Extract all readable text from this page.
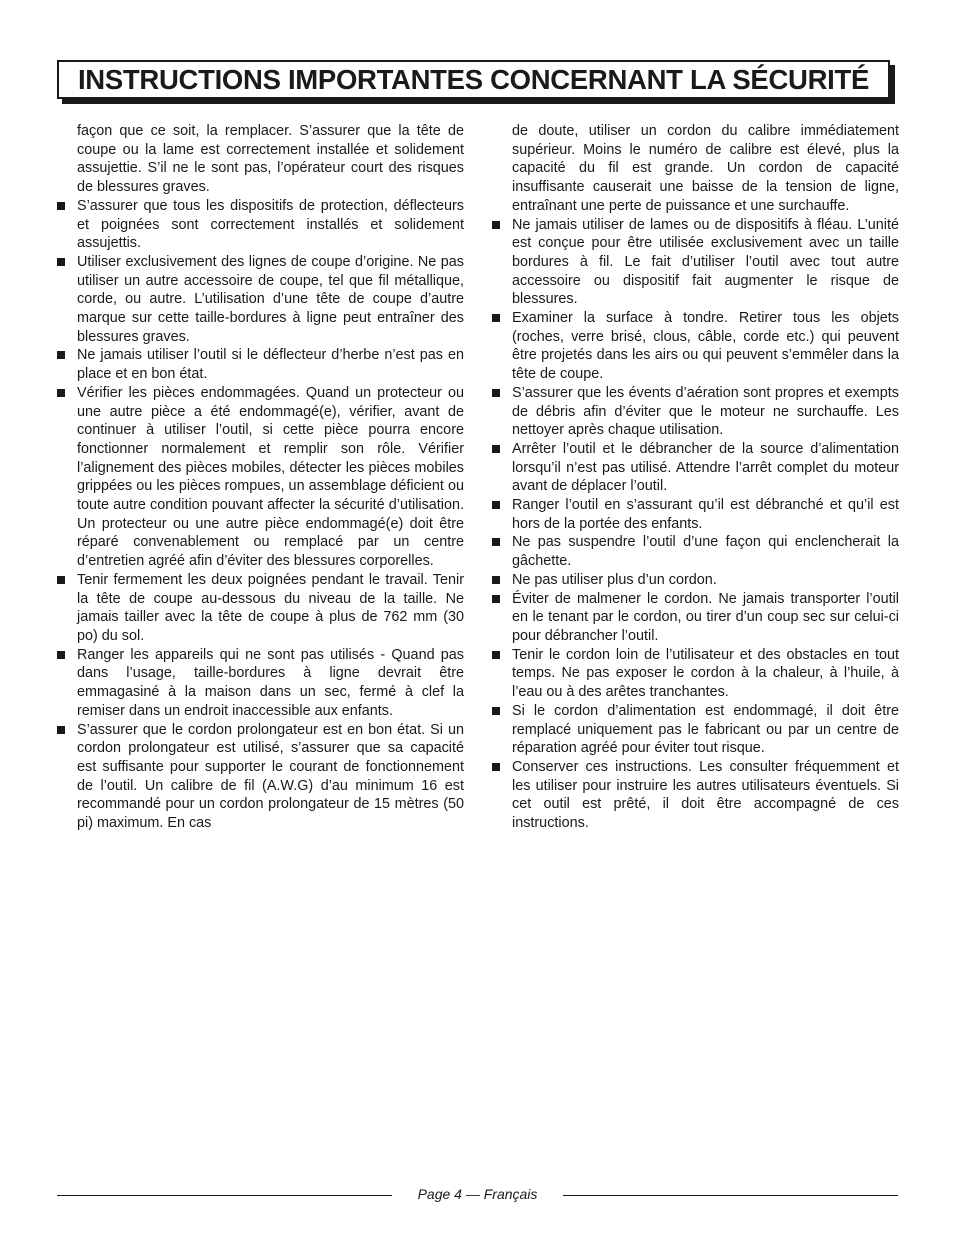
INSTRUCTIONS IMPORTANTES CONCERNANT LA SÉCURITÉ
façon que ce soit, la remplacer. S’assurer que la tête de coupe ou la lame est correctement installée et solidement assujettie. S’il ne le sont pas, l’opérateur court des risques de blessures graves.
S’assurer que tous les dispositifs de protection, déflecteurs et poignées sont correctement installés et solidement assujettis.
Utiliser exclusivement des lignes de coupe d’origine. Ne pas utiliser un autre accessoire de coupe, tel que fil métallique, corde, ou autre. L’utilisation d’une tête de coupe d’autre marque sur cette taille-bordures à ligne peut entraîner des blessures graves.
Ne jamais utiliser l’outil si le déflecteur d’herbe n’est pas en place et en bon état.
Vérifier les pièces endommagées. Quand un protecteur ou une autre pièce a été endommagé(e), vérifier, avant de continuer à utiliser l’outil, si cette pièce pourra encore fonctionner normalement et remplir son rôle. Vérifier l’alignement des pièces mobiles, détecter les pièces mobiles grippées ou les pièces rompues, un assemblage déficient ou toute autre condition pouvant affecter la sécurité d’utilisation. Un protecteur ou une autre pièce endommagé(e) doit être réparé convenablement ou remplacé par un centre d’entretien agréé afin d’éviter des blessures corporelles.
Tenir fermement les deux poignées pendant le travail. Tenir la tête de coupe au-dessous du niveau de la taille. Ne jamais tailler avec la tête de coupe à plus de 762 mm (30 po) du sol.
Ranger les appareils qui ne sont pas utilisés - Quand pas dans l’usage, taille-bordures à ligne devrait être emmagasiné à la maison dans un sec, fermé à clef la remiser dans un endroit inaccessible aux enfants.
S’assurer que le cordon prolongateur est en bon état. Si un cordon prolongateur est utilisé, s’assurer que sa capacité est suffisante pour supporter le courant de fonctionnement de l’outil. Un calibre de fil (A.W.G) d’au minimum 16 est recommandé pour un cordon prolongateur de 15 mètres (50 pi) maximum. En cas
de doute, utiliser un cordon du calibre immédiatement supérieur. Moins le numéro de calibre est élevé, plus la capacité du fil est grande. Un cordon de capacité insuffisante causerait une baisse de la tension de ligne, entraînant une perte de puissance et une surchauffe.
Ne jamais utiliser de lames ou de dispositifs à fléau. L’unité est conçue pour être utilisée exclusivement avec un taille bordures à fil. Le fait d’utiliser l’outil avec tout autre accessoire ou dispositif fait augmenter le risque de blessures.
Examiner la surface à tondre. Retirer tous les objets (roches, verre brisé, clous, câble, corde etc.) qui peuvent être projetés dans les airs ou qui peuvent s’emmêler dans la tête de coupe.
S’assurer que les évents d’aération sont propres et exempts de débris afin d’éviter que le moteur ne surchauffe. Les nettoyer après chaque utilisation.
Arrêter l’outil et le débrancher de la source d’alimentation lorsqu’il n’est pas utilisé. Attendre l’arrêt complet du moteur avant de déplacer l’outil.
Ranger l’outil en s’assurant qu’il est débranché et qu’il est hors de la portée des enfants.
Ne pas suspendre l’outil d’une façon qui enclencherait la gâchette.
Ne pas utiliser plus d’un cordon.
Éviter de malmener le cordon. Ne jamais transporter l’outil en le tenant par le cordon, ou tirer d’un coup sec sur celui-ci pour débrancher l’outil.
Tenir le cordon loin de l’utilisateur et des obstacles en tout temps. Ne pas exposer le cordon à la chaleur, à l’huile, à l’eau ou à des arêtes tranchantes.
Si le cordon d’alimentation est endommagé, il doit être remplacé uniquement pas le fabricant ou par un centre de réparation agréé pour éviter tout risque.
Conserver ces instructions. Les consulter fréquemment et les utiliser pour instruire les autres utilisateurs éventuels. Si cet outil est prêté, il doit être accompagné de ces instructions.
Page 4 — Français
